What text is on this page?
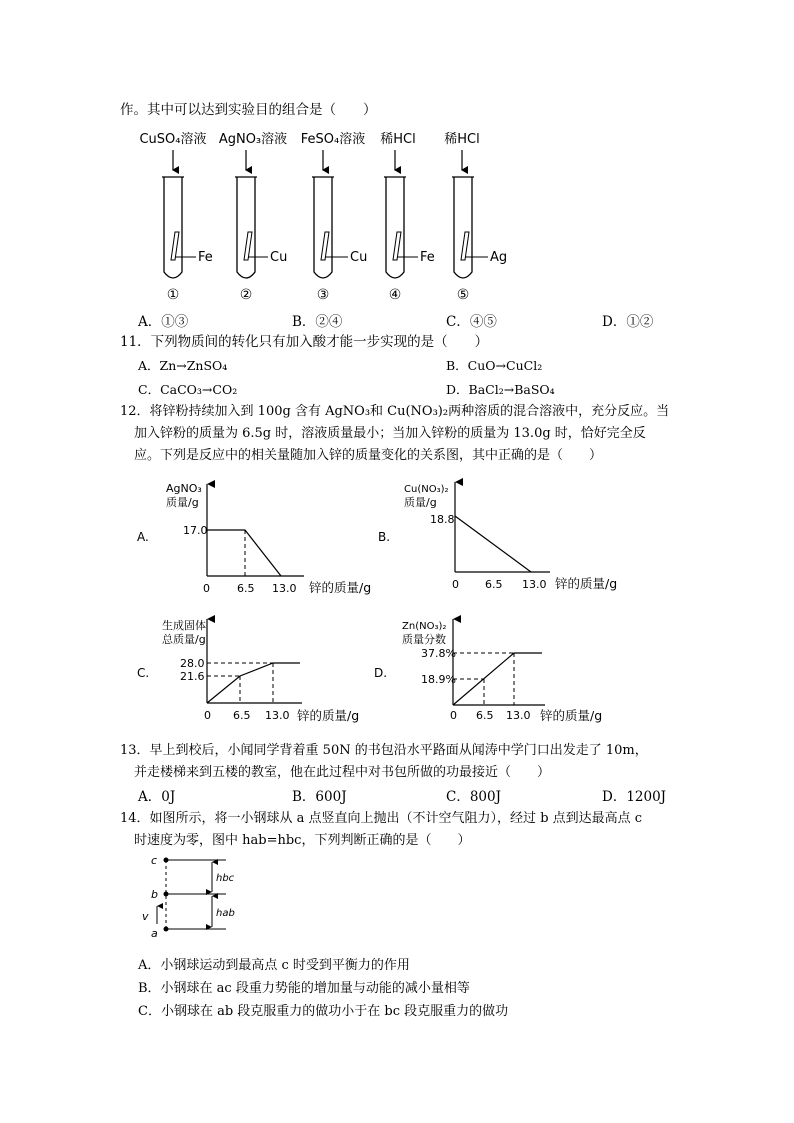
作。其中可以达到实验目的组合是（　　）
CuSO₄溶液 AgNO₃溶液 FeSO₄溶液 稀HCl 稀HCl
Fe	Cu	Cu	Fe	Ag
①	②	③	④	⑤
A．①③	B．②④	C．④⑤	D．①②
11．下列物质间的转化只有加入酸才能一步实现的是（　　）
A．Zn→ZnSO₄	B．CuO→CuCl₂
C．CaCO₃→CO₂	D．BaCl₂→BaSO₄
12．将锌粉持续加入到 100g 含有 AgNO₃和 Cu(NO₃)₂两种溶质的混合溶液中，充分反应。当
加入锌粉的质量为 6.5g 时，溶液质量最小；当加入锌粉的质量为 13.0g 时，恰好完全反
应。下列是反应中的相关量随加入锌的质量变化的关系图，其中正确的是（　　）
A.
AgNO₃
质量/g
17.0
0 6.5 13.0 锌的质量/g
B.
Cu(NO₃)₂
质量/g
18.8
0 6.5 13.0 锌的质量/g
C.
生成固体
总质量/g
28.0
21.6
0 6.5 13.0 锌的质量/g
D.
Zn(NO₃)₂
质量分数
37.8%
18.9%
0 6.5 13.0 锌的质量/g
13．早上到校后，小闻同学背着重 50N 的书包沿水平路面从闻涛中学门口出发走了 10m，
并走楼梯来到五楼的教室，他在此过程中对书包所做的功最接近（　　）
A．0J	B．600J	C．800J	D．1200J
14．如图所示，将一小钢球从 a 点竖直向上抛出（不计空气阻力），经过 b 点到达最高点 c
时速度为零，图中 hab=hbc，下列判断正确的是（　　）
c
b
a
v
hbc
hab
A．小钢球运动到最高点 c 时受到平衡力的作用
B．小钢球在 ac 段重力势能的增加量与动能的减小量相等
C．小钢球在 ab 段克服重力的做功小于在 bc 段克服重力的做功
